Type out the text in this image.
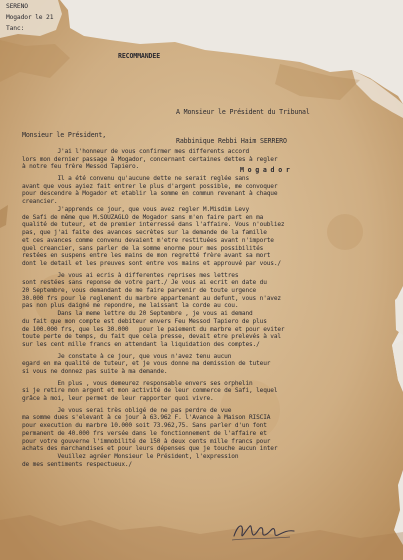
SERENO
Mogador le 21
Tanc:
RECOMMANDEE

A Monsieur le Président du Tribunal

Rabbinique Rebbi Haim SERRERO

M o g a d o r

Monsieur le Président,
J'ai l'honneur de vous confirmer mes differents accord
lors mon dernier passage à Mogador, concernant certaines dettes à regler
à notre feu frère Messod Tapiero.
Il a été convenu qu'aucune dette ne serait reglée sans
avant que vous ayiez fait entrer le plus d'argent possible, me convoquer
pour descendre à Mogador et etablir la somme en commun revenant à chaque
creancier.
J'apprends ce jour, que vous avez regler M.Misdim Levy
de Safi de même que M.SOUZAGLO de Mogador sans m'en faire part en ma
qualité de tuteur, et de premier interressé dans l'affaire. Vous n'oubliez
pas, que j'ai faite des avances secrètes sur la demande de la famille
et ces avances comme convenu devaient m'etre restituées avant n'importe
quel creancier, sans parler de la somme enorme pour mes possibilités
restées en suspens entre les mains de mon regretté frère avant sa mort
dont le detail et les preuves sont entre vos mains et approuvé par vous./
Je vous ai ecris à differentes reprises mes lettres
sont restées sans reponse de votre part./ Je vous ai ecrit en date du
20 Septembre, vous demandant de me faire parvenir de toute urgence
30.000 frs pour le reglement du marbre appartenant au defunt, vous n'avez
pas non plus daigné me repondre, me laissant la corde au cou.
Dans la meme lettre du 20 Septembre , je vous ai demand
du fait que mon compte est debiteur envers Feu Messod Tapiero de plus
de 100.000 frs, que les 30.000   pour le paiement du marbre et pour eviter
toute perte de temps, du fait que cela presse, devait etre prelevés à val
sur les cent mille francs en attendant la liquidation des comptes./
Je constate à ce jour, que vous n'avez tenu aucun
egard en ma qualité de tuteur, et je vous donne ma demission de tuteur
si vous ne donnez pas suite à ma demande.
En plus , vous demeurez responsable envers ses orphelin
si je retire mon argent et mon activité de leur commerce de Safi, lequel
grâce à moi, leur permet de leur rapporter quoi vivre.
Je vous serai très obligé de ne pas perdre de vue
ma somme dues s'elevant à ce jour à 63.962 F. l'Avance à Maison RISCIA
pour execution du marbre 10.000 soit 73.962,75. Sans parler d'un font
permanent de 40.000 frs versée dans le fonctionnement de l'affaire et
pour votre gouverne l'immobilité de 150 à deux cents mille francs pour
achats des marchandises et pour leurs dépenses que je touche aucun inter
Veuillez agréer Monsieur le Président, l'expression
de mes sentiments respectueux./
